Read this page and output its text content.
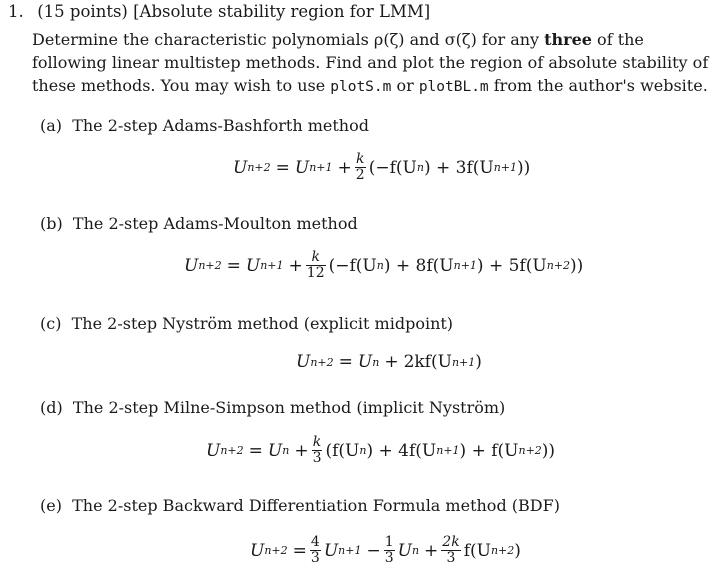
1. (15 points) [Absolute stability region for LMM]
Determine the characteristic polynomials ρ(ζ) and σ(ζ) for any three of the
following linear multistep methods. Find and plot the region of absolute stability of
these methods. You may wish to use plotS.m or plotBL.m from the author's website.
(a) The 2-step Adams-Bashforth method
U n+2 = U $n+1 + \frac{k}{2} (-f(U$ n ) + 3f(U n+1 ))
(b) The 2-step Adams-Moulton method
U n+2 = U $n+1 + \frac{k}{12} (-f(U$ n ) + 8f(U n+1 ) + 5f(U n+2 ))
(c) The 2-step Nyström method (explicit midpoint)
U n+2 = U n + 2kf(U n+1 )
(d) The 2-step Milne-Simpson method (implicit Nyström)
U n+2 = U $n + \frac{k}{3} (f(U$ n ) + 4f(U n+1 ) + f(U n+2 ))
(e) The 2-step Backward Differentiation Formula method (BDF)
U $n+2 = \frac{4}{3}$ U $n+1 - \frac{1}{3}$ U $n + \frac{2k}{3} f(U$ n+2 )
